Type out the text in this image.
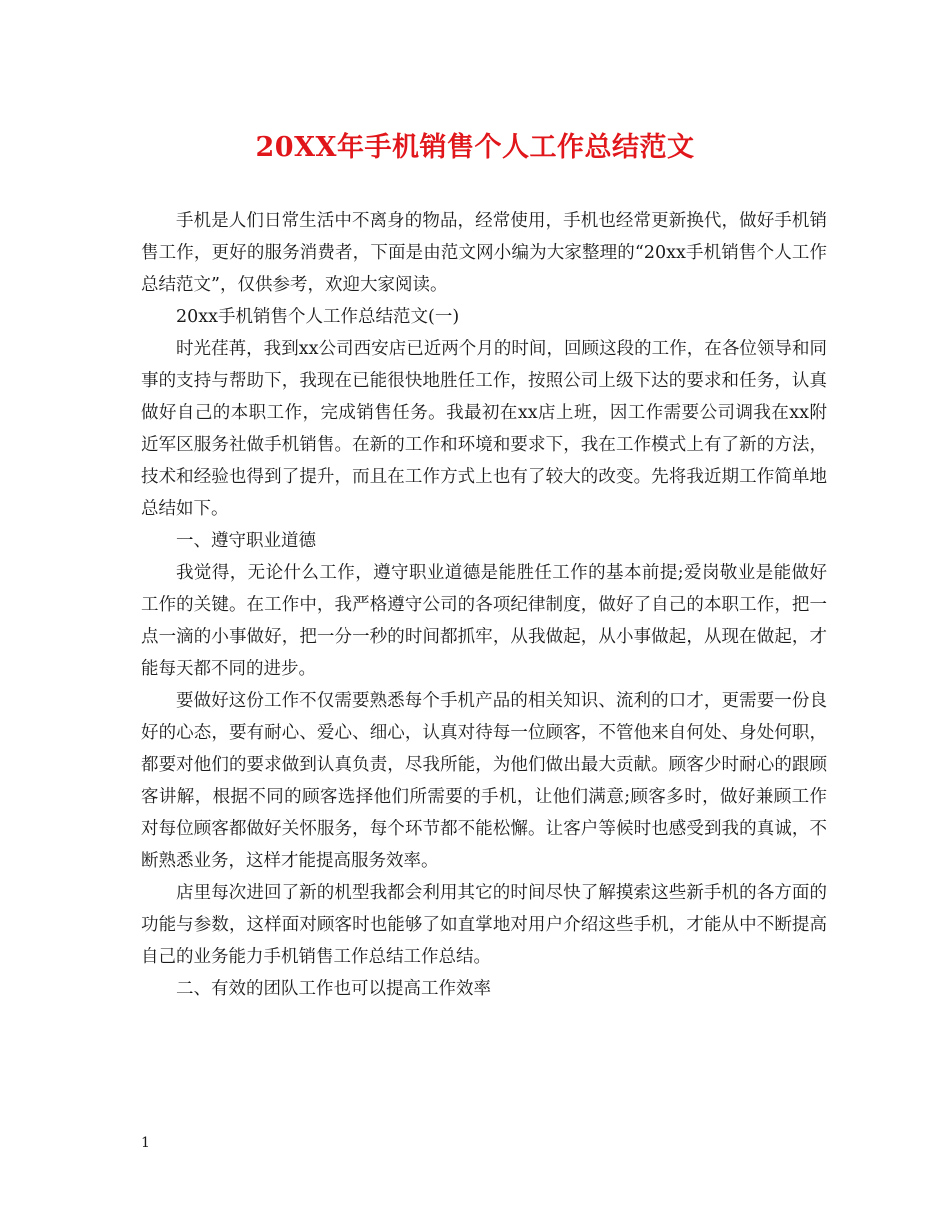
20XX年手机销售个人工作总结范文

手机是人们日常生活中不离身的物品，经常使用，手机也经常更新换代，做好手机销售工作，更好的服务消费者，下面是由范文网小编为大家整理的“20xx手机销售个人工作总结范文”，仅供参考，欢迎大家阅读。

20xx手机销售个人工作总结范文(一)

时光荏苒，我到xx公司西安店已近两个月的时间，回顾这段的工作，在各位领导和同事的支持与帮助下，我现在已能很快地胜任工作，按照公司上级下达的要求和任务，认真做好自己的本职工作，完成销售任务。我最初在xx店上班，因工作需要公司调我在xx附近军区服务社做手机销售。在新的工作和环境和要求下，我在工作模式上有了新的方法，技术和经验也得到了提升，而且在工作方式上也有了较大的改变。先将我近期工作简单地总结如下。

一、遵守职业道德

我觉得，无论什么工作，遵守职业道德是能胜任工作的基本前提;爱岗敬业是能做好工作的关键。在工作中，我严格遵守公司的各项纪律制度，做好了自己的本职工作，把一点一滴的小事做好，把一分一秒的时间都抓牢，从我做起，从小事做起，从现在做起，才能每天都不同的进步。

要做好这份工作不仅需要熟悉每个手机产品的相关知识、流利的口才，更需要一份良好的心态，要有耐心、爱心、细心，认真对待每一位顾客，不管他来自何处、身处何职，都要对他们的要求做到认真负责，尽我所能，为他们做出最大贡献。顾客少时耐心的跟顾客讲解，根据不同的顾客选择他们所需要的手机，让他们满意;顾客多时，做好兼顾工作对每位顾客都做好关怀服务，每个环节都不能松懈。让客户等候时也感受到我的真诚，不断熟悉业务，这样才能提高服务效率。

店里每次进回了新的机型我都会利用其它的时间尽快了解摸索这些新手机的各方面的功能与参数，这样面对顾客时也能够了如直掌地对用户介绍这些手机，才能从中不断提高自己的业务能力手机销售工作总结工作总结。

二、有效的团队工作也可以提高工作效率

1
